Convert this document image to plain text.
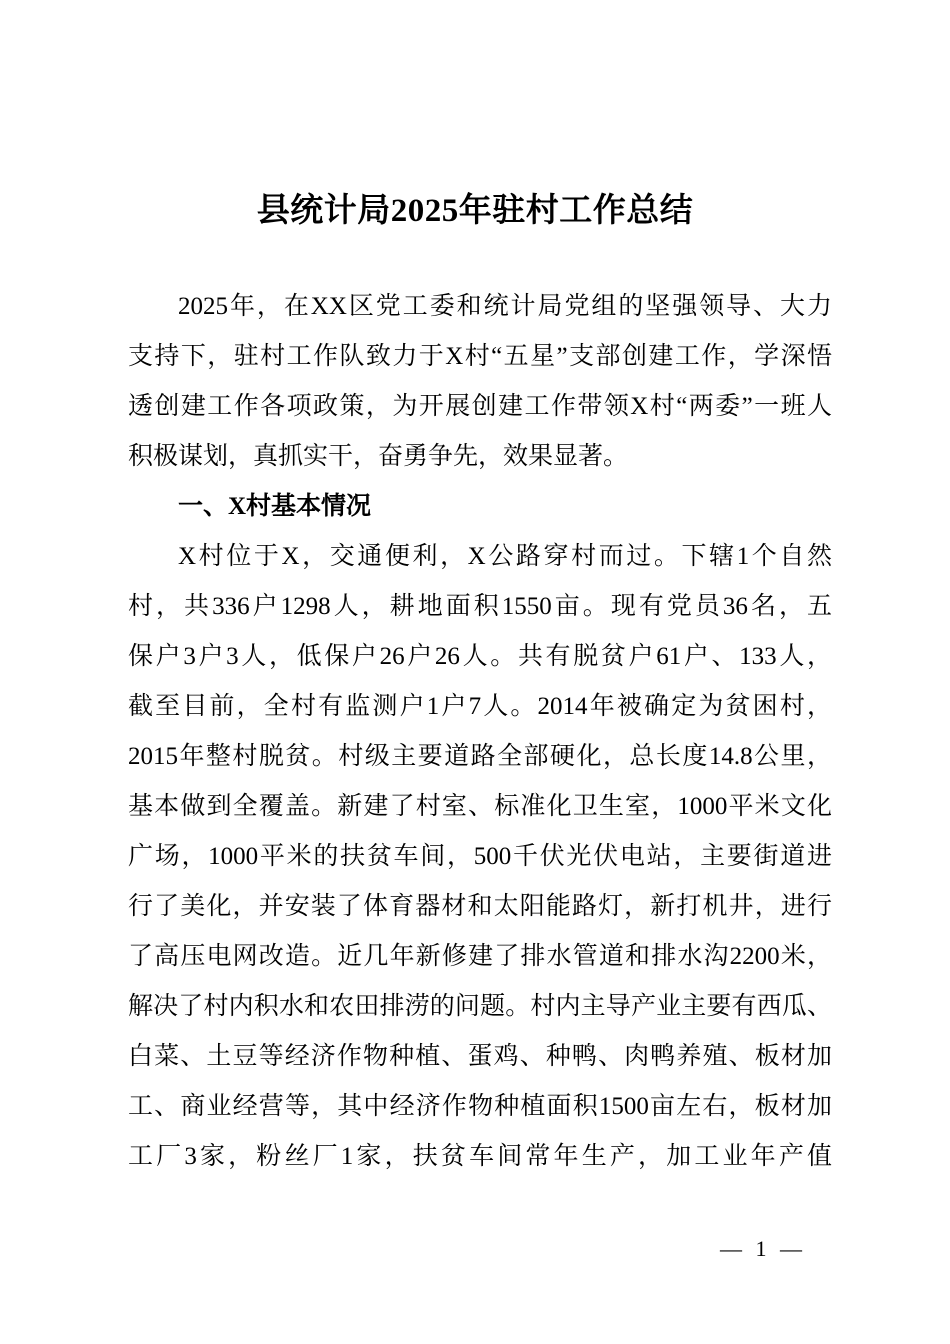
县统计局2025年驻村工作总结
2025年，在XX区党工委和统计局党组的坚强领导、大力
支持下，驻村工作队致力于X村“五星”支部创建工作，学深悟
透创建工作各项政策，为开展创建工作带领X村“两委”一班人
积极谋划，真抓实干，奋勇争先，效果显著。
一、X村基本情况
X村位于X，交通便利，X公路穿村而过。下辖1个自然
村，共336户1298人，耕地面积1550亩。现有党员36名，五
保户3户3人，低保户26户26人。共有脱贫户61户、133人，
截至目前，全村有监测户1户7人。2014年被确定为贫困村，
2015年整村脱贫。村级主要道路全部硬化，总长度14.8公里，
基本做到全覆盖。新建了村室、标准化卫生室，1000平米文化
广场，1000平米的扶贫车间，500千伏光伏电站，主要街道进
行了美化，并安装了体育器材和太阳能路灯，新打机井，进行
了高压电网改造。近几年新修建了排水管道和排水沟2200米，
解决了村内积水和农田排涝的问题。村内主导产业主要有西瓜、
白菜、土豆等经济作物种植、蛋鸡、种鸭、肉鸭养殖、板材加
工、商业经营等，其中经济作物种植面积1500亩左右，板材加
工厂3家，粉丝厂1家，扶贫车间常年生产，加工业年产值
— 1 —
